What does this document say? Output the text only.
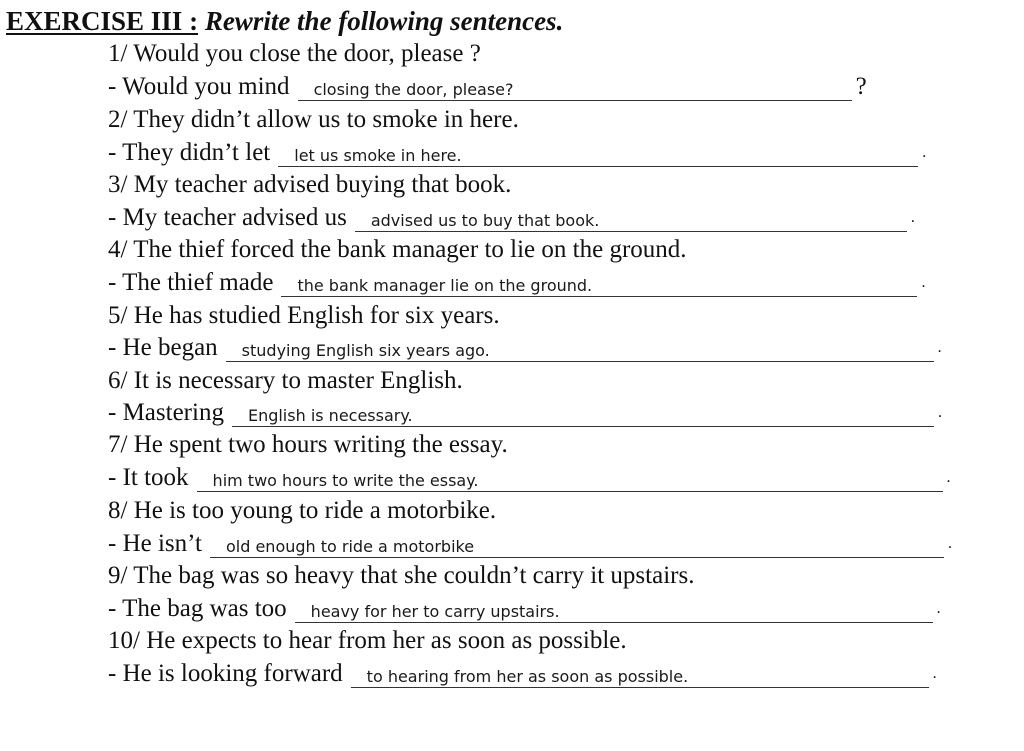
EXERCISE III : Rewrite the following sentences.
1/ Would you close the door, please ?
- Would you mind closing the door, please?	?
2/ They didn’t allow us to smoke in here.
- They didn’t let let us smoke in here.	.
3/ My teacher advised buying that book.
- My teacher advised us advised us to buy that book.	.
4/ The thief forced the bank manager to lie on the ground.
- The thief made the bank manager lie on the ground.	.
5/ He has studied English for six years.
- He began studying English six years ago.	.
6/ It is necessary to master English.
- Mastering English is necessary.	.
7/ He spent two hours writing the essay.
- It took him two hours to write the essay.	.
8/ He is too young to ride a motorbike.
- He isn’t old enough to ride a motorbike	.
9/ The bag was so heavy that she couldn’t carry it upstairs.
- The bag was too heavy for her to carry upstairs.	.
10/ He expects to hear from her as soon as possible.
- He is looking forward to hearing from her as soon as possible.	.
